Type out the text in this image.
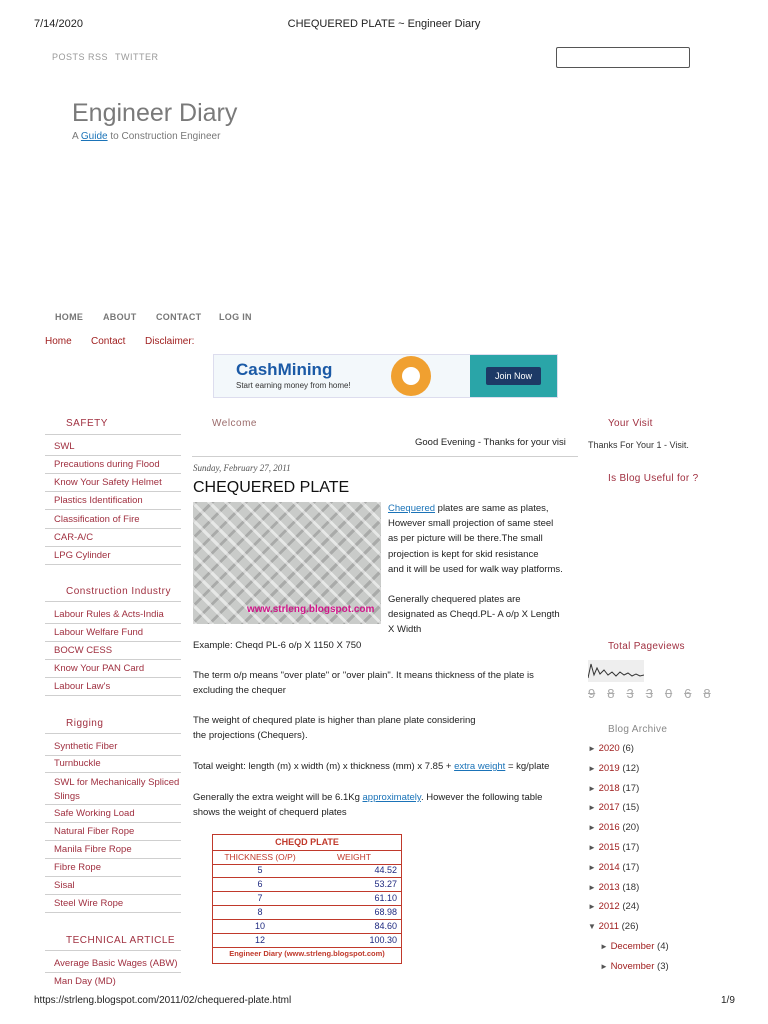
7/14/2020	CHEQUERED PLATE ~ Engineer Diary
POSTS RSS TWITTER
Engineer Diary
A Guide to Construction Engineer
HOME ABOUT CONTACT LOG IN
Home Contact Disclaimer:
CashMining
Start earning money from home!
Join Now
SAFETY
SWL
Precautions during Flood
Know Your Safety Helmet
Plastics Identification
Classification of Fire
CAR-A/C
LPG Cylinder
Construction Industry
Labour Rules & Acts-India
Labour Welfare Fund
BOCW CESS
Know Your PAN Card
Labour Law's
Rigging
Synthetic Fiber
Turnbuckle
SWL for Mechanically Spliced Slings
Safe Working Load
Natural Fiber Rope
Manila Fibre Rope
Fibre Rope
Sisal
Steel Wire Rope
TECHNICAL ARTICLE
Average Basic Wages (ABW)
Man Day (MD)
Welcome
Good Evening - Thanks for your visi
Sunday, February 27, 2011
CHEQUERED PLATE
www.strleng.blogspot.com
Chequered plates are same as plates,
However small projection of same steel
as per picture will be there.The small
projection is kept for skid resistance
and it will be used for walk way platforms.
Generally chequered plates are
designated as Cheqd.PL- A o/p X Length
X Width
Example: Cheqd PL-6 o/p X 1150 X 750
The term o/p means "over plate" or "over plain". It means thickness of the plate is
excluding the chequer
The weight of chequred plate is higher than plane plate considering
the projections (Chequers).
Total weight: length (m) x width (m) x thickness (mm) x 7.85 + extra weight = kg/plate
Generally the extra weight will be 6.1Kg approximately. However the following table
shows the weight of chequerd plates
CHEQD PLATE
THICKNESS (O/P)	WEIGHT
5	44.52
6	53.27
7	61.10
8	68.98
10	84.60
12	100.30
Engineer Diary (www.strleng.blogspot.com)
Your Visit
Thanks For Your 1 - Visit.
Is Blog Useful for ?
Total Pageviews
9 8 3 3 0 6 8
Blog Archive
► 2020 (6)
► 2019 (12)
► 2018 (17)
► 2017 (15)
► 2016 (20)
► 2015 (17)
► 2014 (17)
► 2013 (18)
► 2012 (24)
▼ 2011 (26)
► December (4)
► November (3)
https://strleng.blogspot.com/2011/02/chequered-plate.html	1/9
